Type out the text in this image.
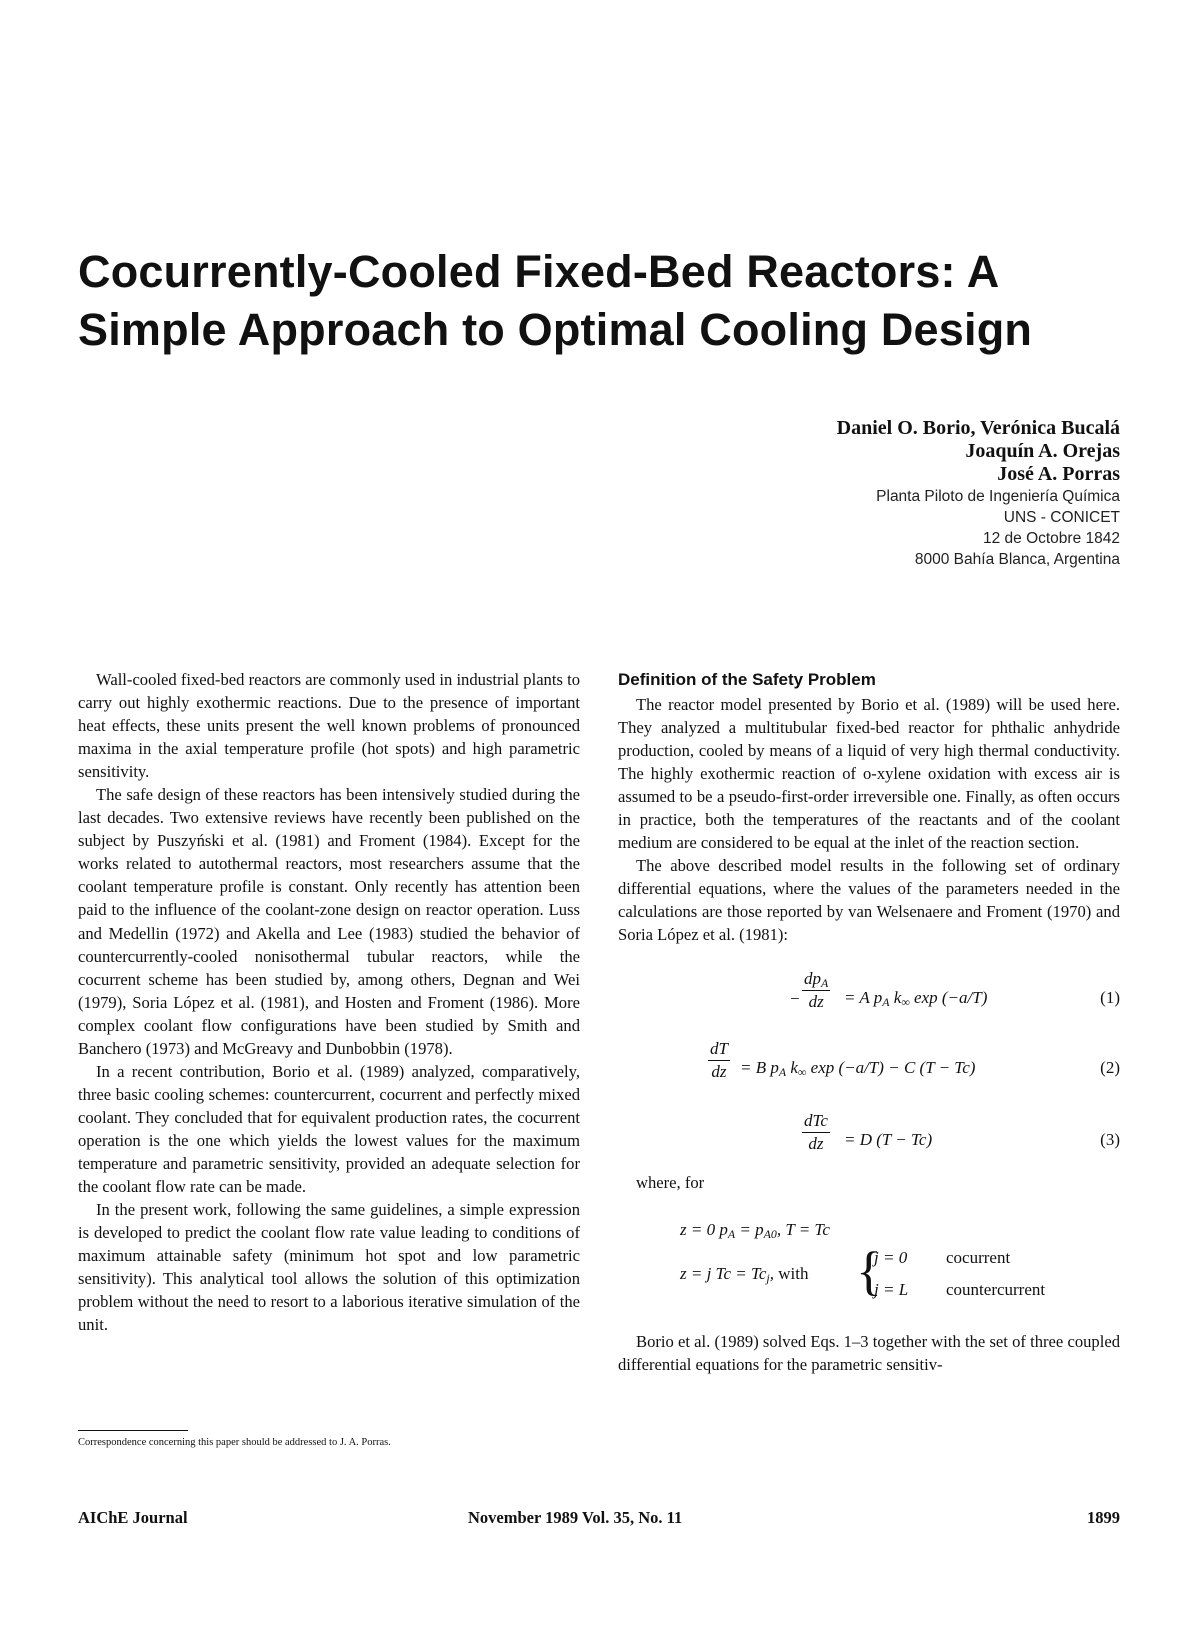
Cocurrently-Cooled Fixed-Bed Reactors: A
Simple Approach to Optimal Cooling Design
Daniel O. Borio, Verónica Bucalá
Joaquín A. Orejas
José A. Porras
Planta Piloto de Ingeniería Química
UNS - CONICET
12 de Octobre 1842
8000 Bahía Blanca, Argentina

Wall-cooled fixed-bed reactors are commonly used in industrial plants to carry out highly exothermic reactions. Due to the presence of important heat effects, these units present the well known problems of pronounced maxima in the axial temperature profile (hot spots) and high parametric sensitivity.

The safe design of these reactors has been intensively studied during the last decades. Two extensive reviews have recently been published on the subject by Puszyński et al. (1981) and Froment (1984). Except for the works related to autothermal reactors, most researchers assume that the coolant temperature profile is constant. Only recently has attention been paid to the influence of the coolant-zone design on reactor operation. Luss and Medellin (1972) and Akella and Lee (1983) studied the behavior of countercurrently-cooled nonisothermal tubular reactors, while the cocurrent scheme has been studied by, among others, Degnan and Wei (1979), Soria López et al. (1981), and Hosten and Froment (1986). More complex coolant flow configurations have been studied by Smith and Banchero (1973) and McGreavy and Dunbobbin (1978).

In a recent contribution, Borio et al. (1989) analyzed, comparatively, three basic cooling schemes: countercurrent, cocurrent and perfectly mixed coolant. They concluded that for equivalent production rates, the cocurrent operation is the one which yields the lowest values for the maximum temperature and parametric sensitivity, provided an adequate selection for the coolant flow rate can be made.

In the present work, following the same guidelines, a simple expression is developed to predict the coolant flow rate value leading to conditions of maximum attainable safety (minimum hot spot and low parametric sensitivity). This analytical tool allows the solution of this optimization problem without the need to resort to a laborious iterative simulation of the unit.

Definition of the Safety Problem

The reactor model presented by Borio et al. (1989) will be used here. They analyzed a multitubular fixed-bed reactor for phthalic anhydride production, cooled by means of a liquid of very high thermal conductivity. The highly exothermic reaction of o-xylene oxidation with excess air is assumed to be a pseudo-first-order irreversible one. Finally, as often occurs in practice, both the temperatures of the reactants and of the coolant medium are considered to be equal at the inlet of the reaction section.

The above described model results in the following set of ordinary differential equations, where the values of the parameters needed in the calculations are those reported by van Welsenaere and Froment (1970) and Soria López et al. (1981):

−
$dp_A$
dz = A $p_A$ $k_\infty$ exp (−a/T)	(1)
$\frac{dT}{dz} = B$ $p_A$ $k_\infty$ exp (−a/T) − C (T − Tc)	(2)
dTc
dz = D (T − Tc)	(3)

where, for

z = 0 $p_A = p_{A0}$, T = Tc
z = j $Tc = Tc_j$, with {
j = 0 cocurrent
j = L countercurrent

Borio et al. (1989) solved Eqs. 1–3 together with the set of three coupled differential equations for the parametric sensitiv-

Correspondence concerning this paper should be addressed to J. A. Porras.
AIChE Journal	November 1989 Vol. 35, No. 11	1899
